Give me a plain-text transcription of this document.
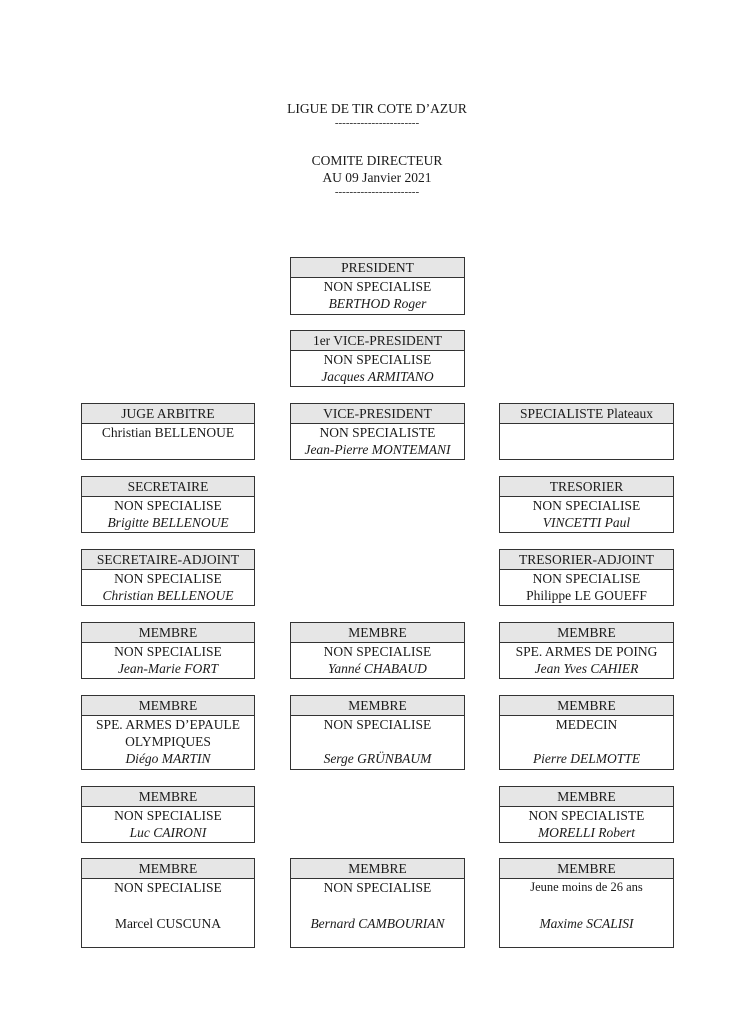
LIGUE DE TIR COTE D’AZUR
-----------------------
COMITE DIRECTEUR
AU 09 Janvier 2021
-----------------------
PRESIDENT
NON SPECIALISE
BERTHOD Roger
1er VICE-PRESIDENT
NON SPECIALISE
Jacques ARMITANO
VICE-PRESIDENT
NON SPECIALISTE
Jean-Pierre MONTEMANI
JUGE ARBITRE
Christian BELLENOUE
SECRETAIRE
NON SPECIALISE
Brigitte BELLENOUE
SECRETAIRE-ADJOINT
NON SPECIALISE
Christian BELLENOUE
MEMBRE
NON SPECIALISE
Jean-Marie FORT
MEMBRE
SPE. ARMES D’EPAULE
OLYMPIQUES
Diégo MARTIN
MEMBRE
NON SPECIALISE
Luc CAIRONI
MEMBRE
NON SPECIALISE
Marcel CUSCUNA
MEMBRE
NON SPECIALISE
Yanné CHABAUD
MEMBRE
NON SPECIALISE
Serge GRÜNBAUM
MEMBRE
NON SPECIALISE
Bernard CAMBOURIAN
SPECIALISTE Plateaux
TRESORIER
NON SPECIALISE
VINCETTI Paul
TRESORIER-ADJOINT
NON SPECIALISE
Philippe LE GOUEFF
MEMBRE
SPE. ARMES DE POING
Jean Yves CAHIER
MEMBRE
MEDECIN
Pierre DELMOTTE
MEMBRE
NON SPECIALISTE
MORELLI Robert
MEMBRE
Jeune moins de 26 ans
Maxime SCALISI
